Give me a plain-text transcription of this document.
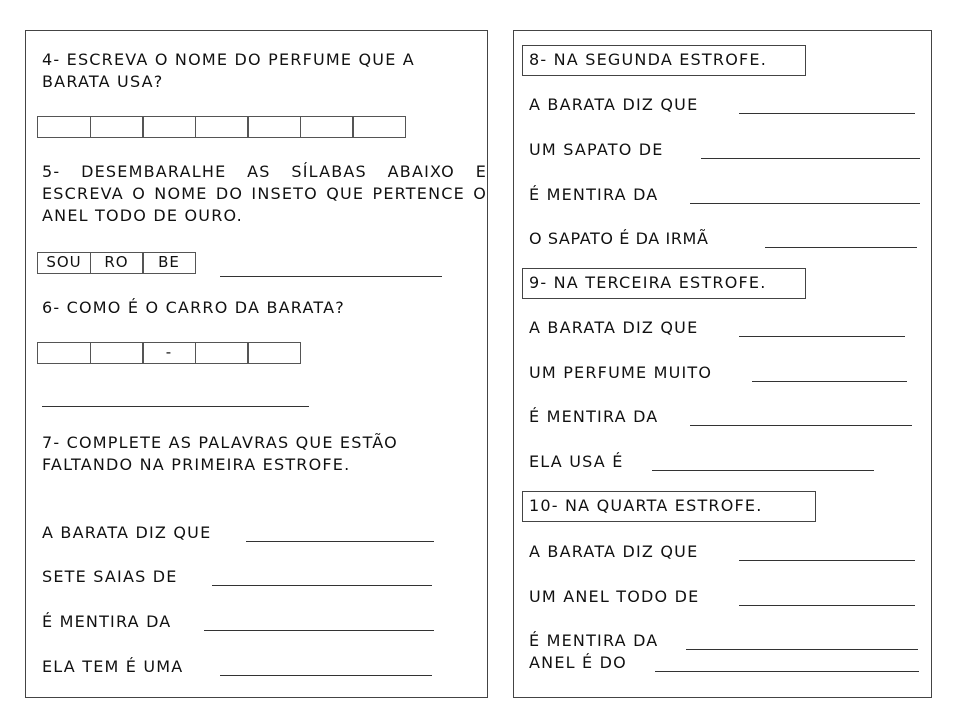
4- ESCREVA O NOME DO PERFUME QUE A BARATA USA?
5- DESEMBARALHE AS SÍLABAS ABAIXO E ESCREVA O NOME DO INSETO QUE PERTENCE O ANEL TODO DE OURO.
SOU	RO	BE
6- COMO É O CARRO DA BARATA?
-
7- COMPLETE AS PALAVRAS QUE ESTÃO FALTANDO NA PRIMEIRA ESTROFE.
A BARATA DIZ QUE
SETE SAIAS DE
É MENTIRA DA
ELA TEM É UMA
8- NA SEGUNDA ESTROFE.
A BARATA DIZ QUE
UM SAPATO DE
É MENTIRA DA
O SAPATO É DA IRMÃ
9- NA TERCEIRA ESTROFE.
A BARATA DIZ QUE
UM PERFUME MUITO
É MENTIRA DA
ELA USA É
10- NA QUARTA ESTROFE.
A BARATA DIZ QUE
UM ANEL TODO DE
É MENTIRA DA
ANEL É DO
